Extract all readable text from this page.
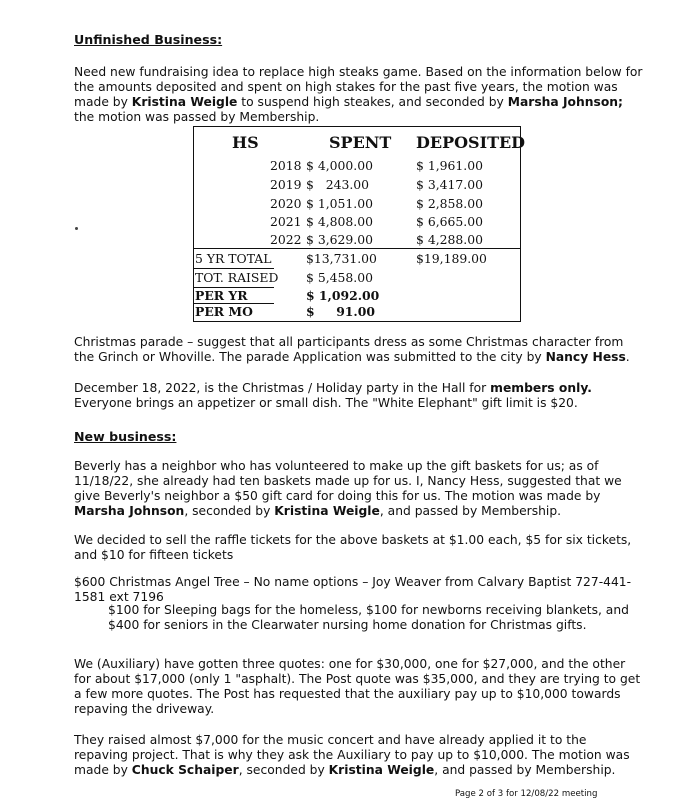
Unfinished Business:

Need new fundraising idea to replace high steaks game. Based on the information below for the amounts deposited and spent on high stakes for the past five years, the motion was made by Kristina Weigle to suspend high steakes, and seconded by Marsha Johnson; the motion was passed by Membership.

HS	SPENT DEPOSITED
2018 $ 4,000.00	$ 1,961.00
2019 $   243.00	$ 3,417.00
2020 $ 1,051.00	$ 2,858.00
2021 $ 4,808.00	$ 6,665.00
2022 $ 3,629.00	$ 4,288.00
5 YR TOTAL	$13,731.00	$19,189.00
TOT. RAISED $ 5,458.00
PER YR	$ 1,092.00
PER MO	$     91.00

Christmas parade – suggest that all participants dress as some Christmas character from the Grinch or Whoville. The parade Application was submitted to the city by Nancy Hess.

December 18, 2022, is the Christmas / Holiday party in the Hall for members only. Everyone brings an appetizer or small dish. The "White Elephant" gift limit is $20.

New business:

Beverly has a neighbor who has volunteered to make up the gift baskets for us; as of 11/18/22, she already had ten baskets made up for us. I, Nancy Hess, suggested that we give Beverly's neighbor a $50 gift card for doing this for us. The motion was made by Marsha Johnson, seconded by Kristina Weigle, and passed by Membership.

We decided to sell the raffle tickets for the above baskets at $1.00 each, $5 for six tickets, and $10 for fifteen tickets

$600 Christmas Angel Tree – No name options – Joy Weaver from Calvary Baptist 727-441-1581 ext 7196

$100 for Sleeping bags for the homeless, $100 for newborns receiving blankets, and $400 for seniors in the Clearwater nursing home donation for Christmas gifts.

We (Auxiliary) have gotten three quotes: one for $30,000, one for $27,000, and the other for about $17,000 (only 1 "asphalt). The Post quote was $35,000, and they are trying to get a few more quotes. The Post has requested that the auxiliary pay up to $10,000 towards repaving the driveway.

They raised almost $7,000 for the music concert and have already applied it to the repaving project. That is why they ask the Auxiliary to pay up to $10,000. The motion was made by Chuck Schaiper, seconded by Kristina Weigle, and passed by Membership.

Page 2 of 3 for 12/08/22 meeting
